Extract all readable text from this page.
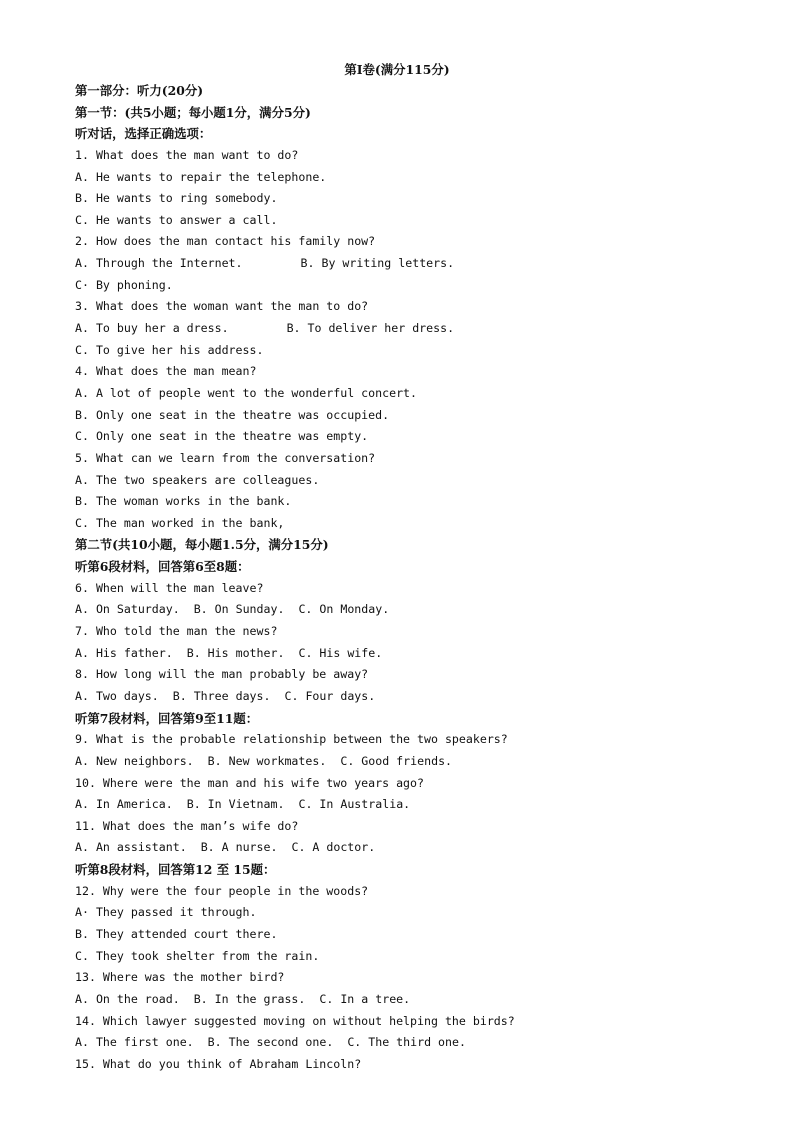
第Ⅰ卷(满分115分)
第一部分：听力(20分)
第一节：(共5小题；每小题1分，满分5分)
听对话，选择正确选项：
1. What does the man want to do?
A. He wants to repair the telephone.
B. He wants to ring somebody.
C. He wants to answer a call.
2. How does the man contact his family now?
A. Through the Internet.	B. By writing letters.
C· By phoning.
3. What does the woman want the man to do?
A. To buy her a dress.	B. To deliver her dress.
C. To give her his address.
4. What does the man mean?
A. A lot of people went to the wonderful concert.
B. Only one seat in the theatre was occupied.
C. Only one seat in the theatre was empty.
5. What can we learn from the conversation?
A. The two speakers are colleagues.
B. The woman works in the bank.
C. The man worked in the bank,
第二节(共10小题，每小题1.5分，满分15分)
听第6段材料，回答第6至8题：
6. When will the man leave?
A. On Saturday. B. On Sunday. C. On Monday.
7. Who told the man the news?
A. His father. B. His mother. C. His wife.
8. How long will the man probably be away?
A. Two days. B. Three days. C. Four days.
听第7段材料，回答第9至11题：
9. What is the probable relationship between the two speakers?
A. New neighbors. B. New workmates. C. Good friends.
10. Where were the man and his wife two years ago?
A. In America. B. In Vietnam. C. In Australia.
11. What does the man’s wife do?
A. An assistant. B. A nurse. C. A doctor.
听第8段材料，回答第12 至 15题：
12. Why were the four people in the woods?
A· They passed it through.
B. They attended court there.
C. They took shelter from the rain.
13. Where was the mother bird?
A. On the road. B. In the grass. C. In a tree.
14. Which lawyer suggested moving on without helping the birds?
A. The first one. B. The second one. C. The third one.
15. What do you think of Abraham Lincoln?
